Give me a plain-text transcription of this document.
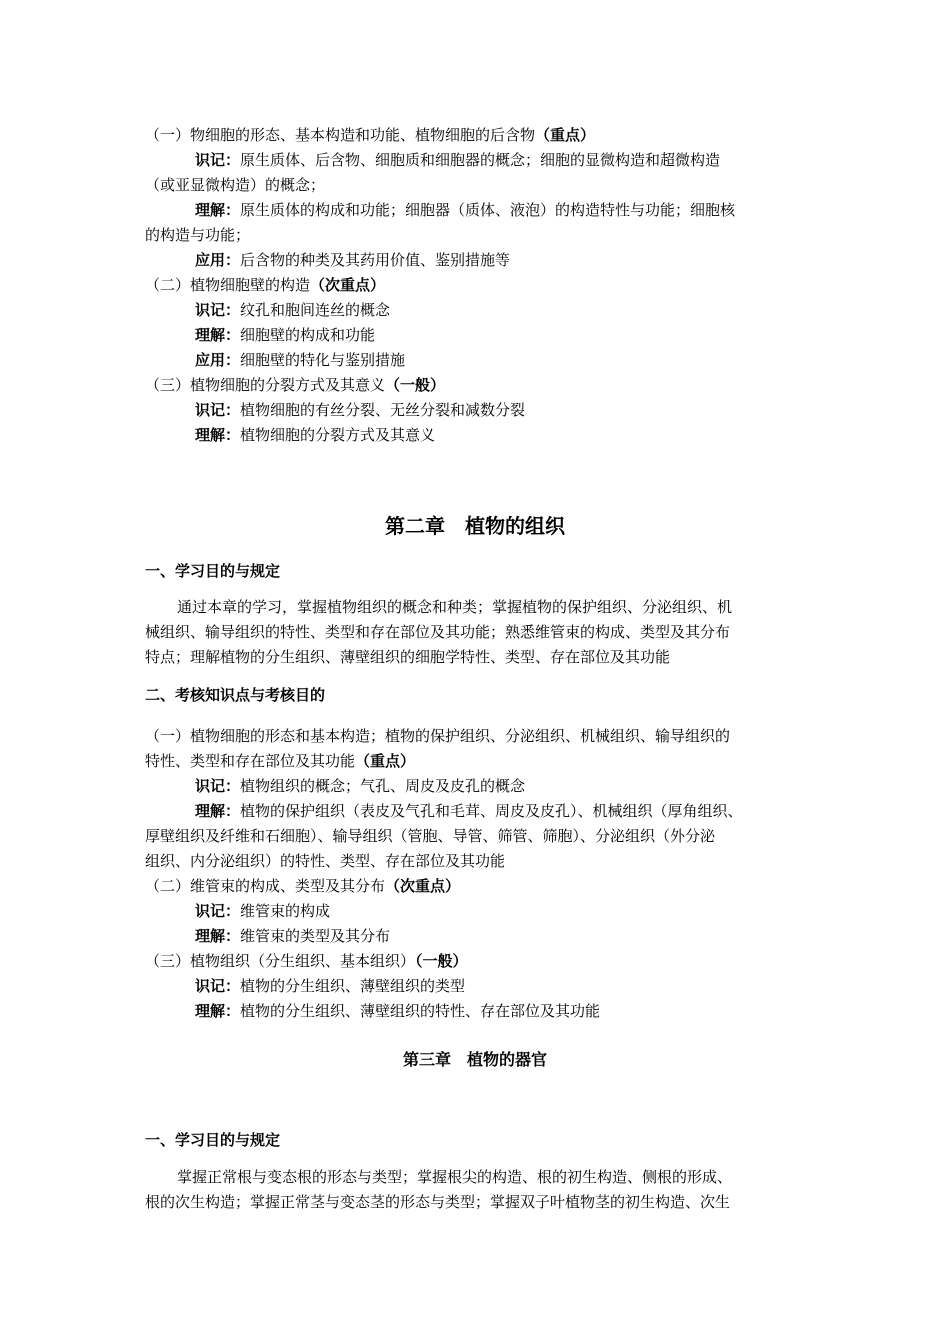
（一）物细胞的形态、基本构造和功能、植物细胞的后含物（重点）
识记：原生质体、后含物、细胞质和细胞器的概念；细胞的显微构造和超微构造
（或亚显微构造）的概念；
理解：原生质体的构成和功能；细胞器（质体、液泡）的构造特性与功能；细胞核
的构造与功能；
应用：后含物的种类及其药用价值、鉴别措施等
（二）植物细胞壁的构造（次重点）
识记：纹孔和胞间连丝的概念
理解：细胞壁的构成和功能
应用：细胞壁的特化与鉴别措施
（三）植物细胞的分裂方式及其意义（一般）
识记：植物细胞的有丝分裂、无丝分裂和减数分裂
理解：植物细胞的分裂方式及其意义
第二章　植物的组织
一、学习目的与规定
通过本章的学习，掌握植物组织的概念和种类；掌握植物的保护组织、分泌组织、机
械组织、输导组织的特性、类型和存在部位及其功能；熟悉维管束的构成、类型及其分布
特点；理解植物的分生组织、薄壁组织的细胞学特性、类型、存在部位及其功能
二、考核知识点与考核目的
（一）植物细胞的形态和基本构造；植物的保护组织、分泌组织、机械组织、输导组织的
特性、类型和存在部位及其功能（重点）
识记：植物组织的概念；气孔、周皮及皮孔的概念
理解：植物的保护组织（表皮及气孔和毛茸、周皮及皮孔）、机械组织（厚角组织、
厚壁组织及纤维和石细胞）、输导组织（管胞、导管、筛管、筛胞）、分泌组织（外分泌
组织、内分泌组织）的特性、类型、存在部位及其功能
（二）维管束的构成、类型及其分布（次重点）
识记：维管束的构成
理解：维管束的类型及其分布
（三）植物组织（分生组织、基本组织）（一般）
识记：植物的分生组织、薄壁组织的类型
理解：植物的分生组织、薄壁组织的特性、存在部位及其功能
第三章　植物的器官
一、学习目的与规定
掌握正常根与变态根的形态与类型；掌握根尖的构造、根的初生构造、侧根的形成、
根的次生构造；掌握正常茎与变态茎的形态与类型；掌握双子叶植物茎的初生构造、次生
